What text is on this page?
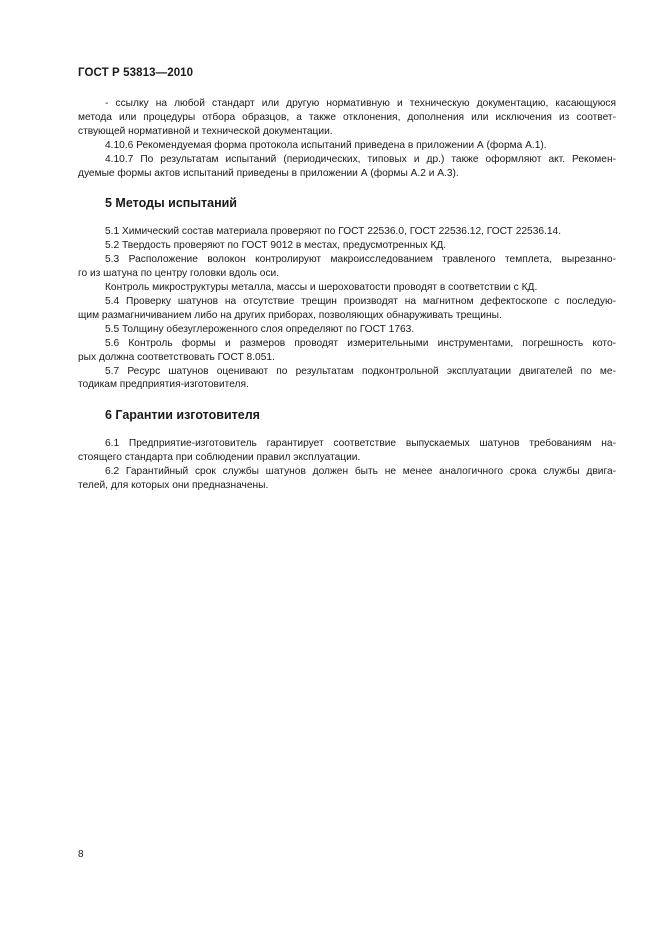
ГОСТ Р 53813—2010

- ссылку на любой стандарт или другую нормативную и техническую документацию, касающуюся
метода или процедуры отбора образцов, а также отклонения, дополнения или исключения из соответ-
ствующей нормативной и технической документации.

4.10.6 Рекомендуемая форма протокола испытаний приведена в приложении А (форма А.1).

4.10.7 По результатам испытаний (периодических, типовых и др.) также оформляют акт. Рекомен-
дуемые формы актов испытаний приведены в приложении А (формы А.2 и А.3).

5 Методы испытаний

5.1 Химический состав материала проверяют по ГОСТ 22536.0, ГОСТ 22536.12, ГОСТ 22536.14.

5.2 Твердость проверяют по ГОСТ 9012 в местах, предусмотренных КД.

5.3 Расположение волокон контролируют макроисследованием травленого темплета, вырезанно-
го из шатуна по центру головки вдоль оси.

Контроль микроструктуры металла, массы и шероховатости проводят в соответствии с КД.

5.4 Проверку шатунов на отсутствие трещин производят на магнитном дефектоскопе с последую-
щим размагничиванием либо на других приборах, позволяющих обнаруживать трещины.

5.5 Толщину обезуглероженного слоя определяют по ГОСТ 1763.

5.6 Контроль формы и размеров проводят измерительными инструментами, погрешность кото-
рых должна соответствовать ГОСТ 8.051.

5.7 Ресурс шатунов оценивают по результатам подконтрольной эксплуатации двигателей по ме-
тодикам предприятия-изготовителя.

6 Гарантии изготовителя

6.1 Предприятие-изготовитель гарантирует соответствие выпускаемых шатунов требованиям на-
стоящего стандарта при соблюдении правил эксплуатации.

6.2 Гарантийный срок службы шатунов должен быть не менее аналогичного срока службы двига-
телей, для которых они предназначены.

8
